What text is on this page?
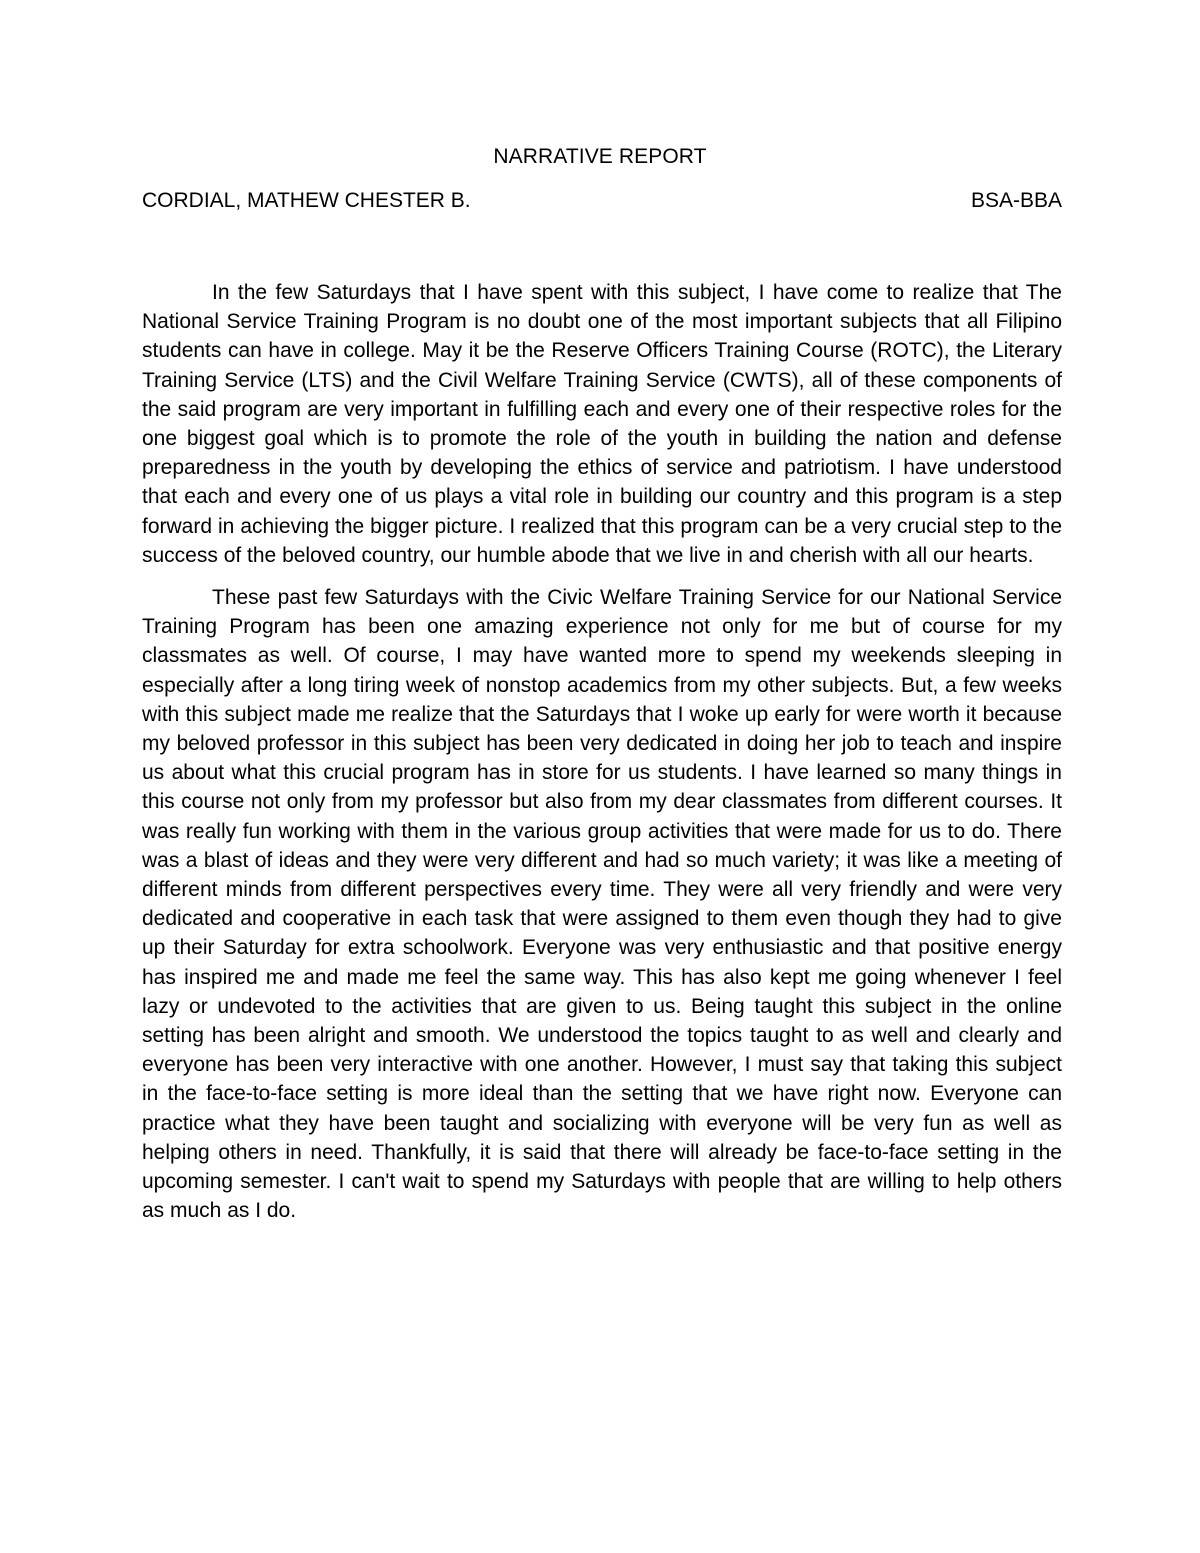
NARRATIVE REPORT
CORDIAL, MATHEW CHESTER B.	BSA-BBA

In the few Saturdays that I have spent with this subject, I have come to realize that The National Service Training Program is no doubt one of the most important subjects that all Filipino students can have in college. May it be the Reserve Officers Training Course (ROTC), the Literary Training Service (LTS) and the Civil Welfare Training Service (CWTS), all of these components of the said program are very important in fulfilling each and every one of their respective roles for the one biggest goal which is to promote the role of the youth in building the nation and defense preparedness in the youth by developing the ethics of service and patriotism. I have understood that each and every one of us plays a vital role in building our country and this program is a step forward in achieving the bigger picture. I realized that this program can be a very crucial step to the success of the beloved country, our humble abode that we live in and cherish with all our hearts.

These past few Saturdays with the Civic Welfare Training Service for our National Service Training Program has been one amazing experience not only for me but of course for my classmates as well. Of course, I may have wanted more to spend my weekends sleeping in especially after a long tiring week of nonstop academics from my other subjects. But, a few weeks with this subject made me realize that the Saturdays that I woke up early for were worth it because my beloved professor in this subject has been very dedicated in doing her job to teach and inspire us about what this crucial program has in store for us students. I have learned so many things in this course not only from my professor but also from my dear classmates from different courses. It was really fun working with them in the various group activities that were made for us to do. There was a blast of ideas and they were very different and had so much variety; it was like a meeting of different minds from different perspectives every time. They were all very friendly and were very dedicated and cooperative in each task that were assigned to them even though they had to give up their Saturday for extra schoolwork. Everyone was very enthusiastic and that positive energy has inspired me and made me feel the same way. This has also kept me going whenever I feel lazy or undevoted to the activities that are given to us. Being taught this subject in the online setting has been alright and smooth. We understood the topics taught to as well and clearly and everyone has been very interactive with one another. However, I must say that taking this subject in the face-to-face setting is more ideal than the setting that we have right now. Everyone can practice what they have been taught and socializing with everyone will be very fun as well as helping others in need. Thankfully, it is said that there will already be face-to-face setting in the upcoming semester. I can't wait to spend my Saturdays with people that are willing to help others as much as I do.
